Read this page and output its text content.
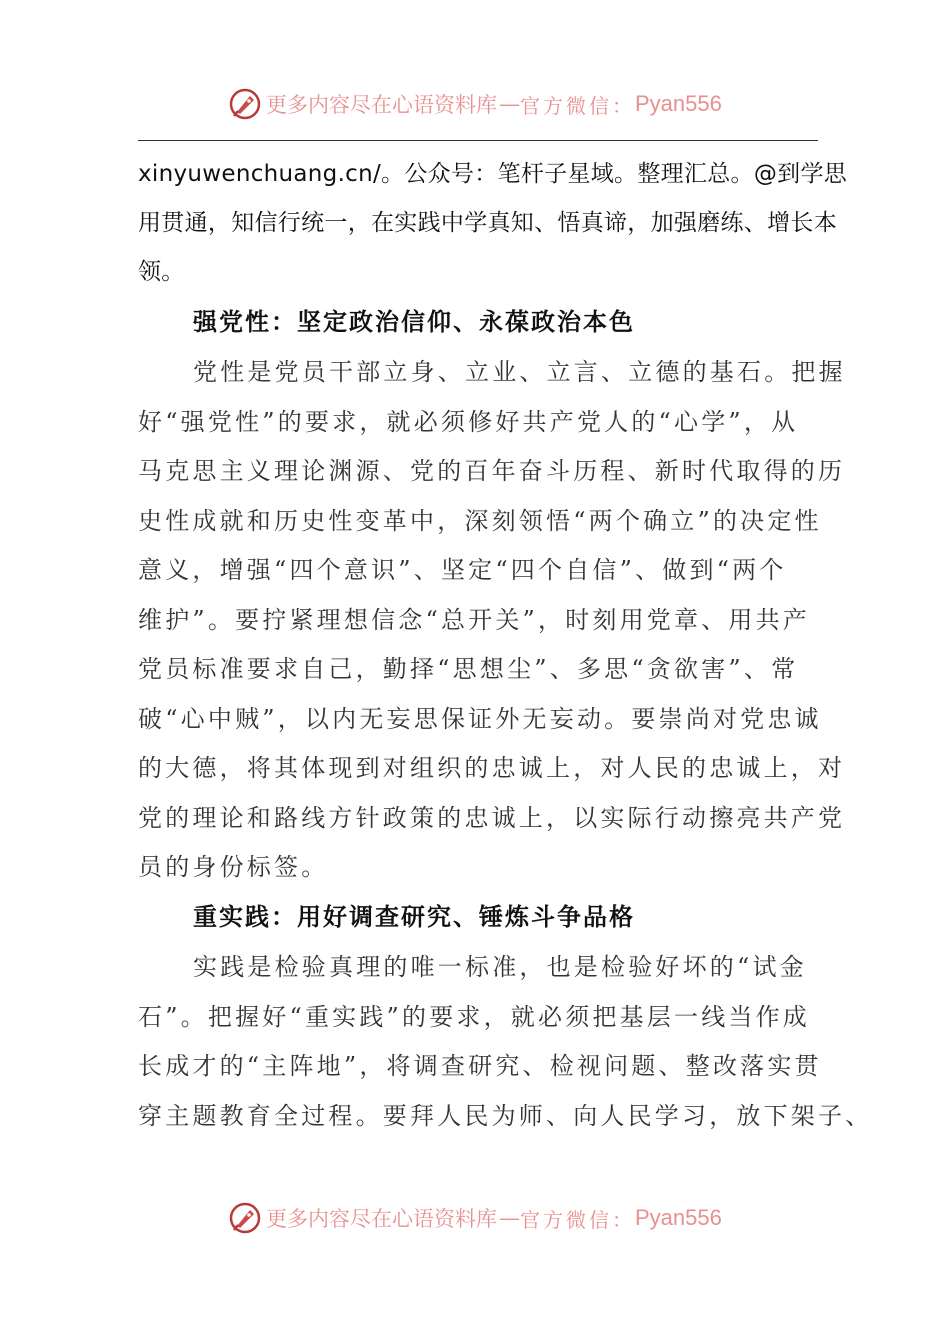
更多内容尽在心语资料库 — 官方微信： Pyan556
xinyuwenchuang.cn/。公众号：笔杆子星域。整理汇总。@到学思
用贯通，知信行统一，在实践中学真知、悟真谛，加强磨练、增长本
领。
强党性：坚定政治信仰、永葆政治本色
党性是党员干部立身、立业、立言、立德的基石。把握
好“强党性”的要求，就必须修好共产党人的“心学”，从
马克思主义理论渊源、党的百年奋斗历程、新时代取得的历
史性成就和历史性变革中，深刻领悟“两个确立”的决定性
意义，增强“四个意识”、坚定“四个自信”、做到“两个
维护”。要拧紧理想信念“总开关”，时刻用党章、用共产
党员标准要求自己，勤择“思想尘”、多思“贪欲害”、常
破“心中贼”，以内无妄思保证外无妄动。要崇尚对党忠诚
的大德，将其体现到对组织的忠诚上，对人民的忠诚上，对
党的理论和路线方针政策的忠诚上，以实际行动擦亮共产党
员的身份标签。
重实践：用好调查研究、锤炼斗争品格
实践是检验真理的唯一标准，也是检验好坏的“试金
石”。把握好“重实践”的要求，就必须把基层一线当作成
长成才的“主阵地”，将调查研究、检视问题、整改落实贯
穿主题教育全过程。要拜人民为师、向人民学习，放下架子、
更多内容尽在心语资料库 — 官方微信： Pyan556
